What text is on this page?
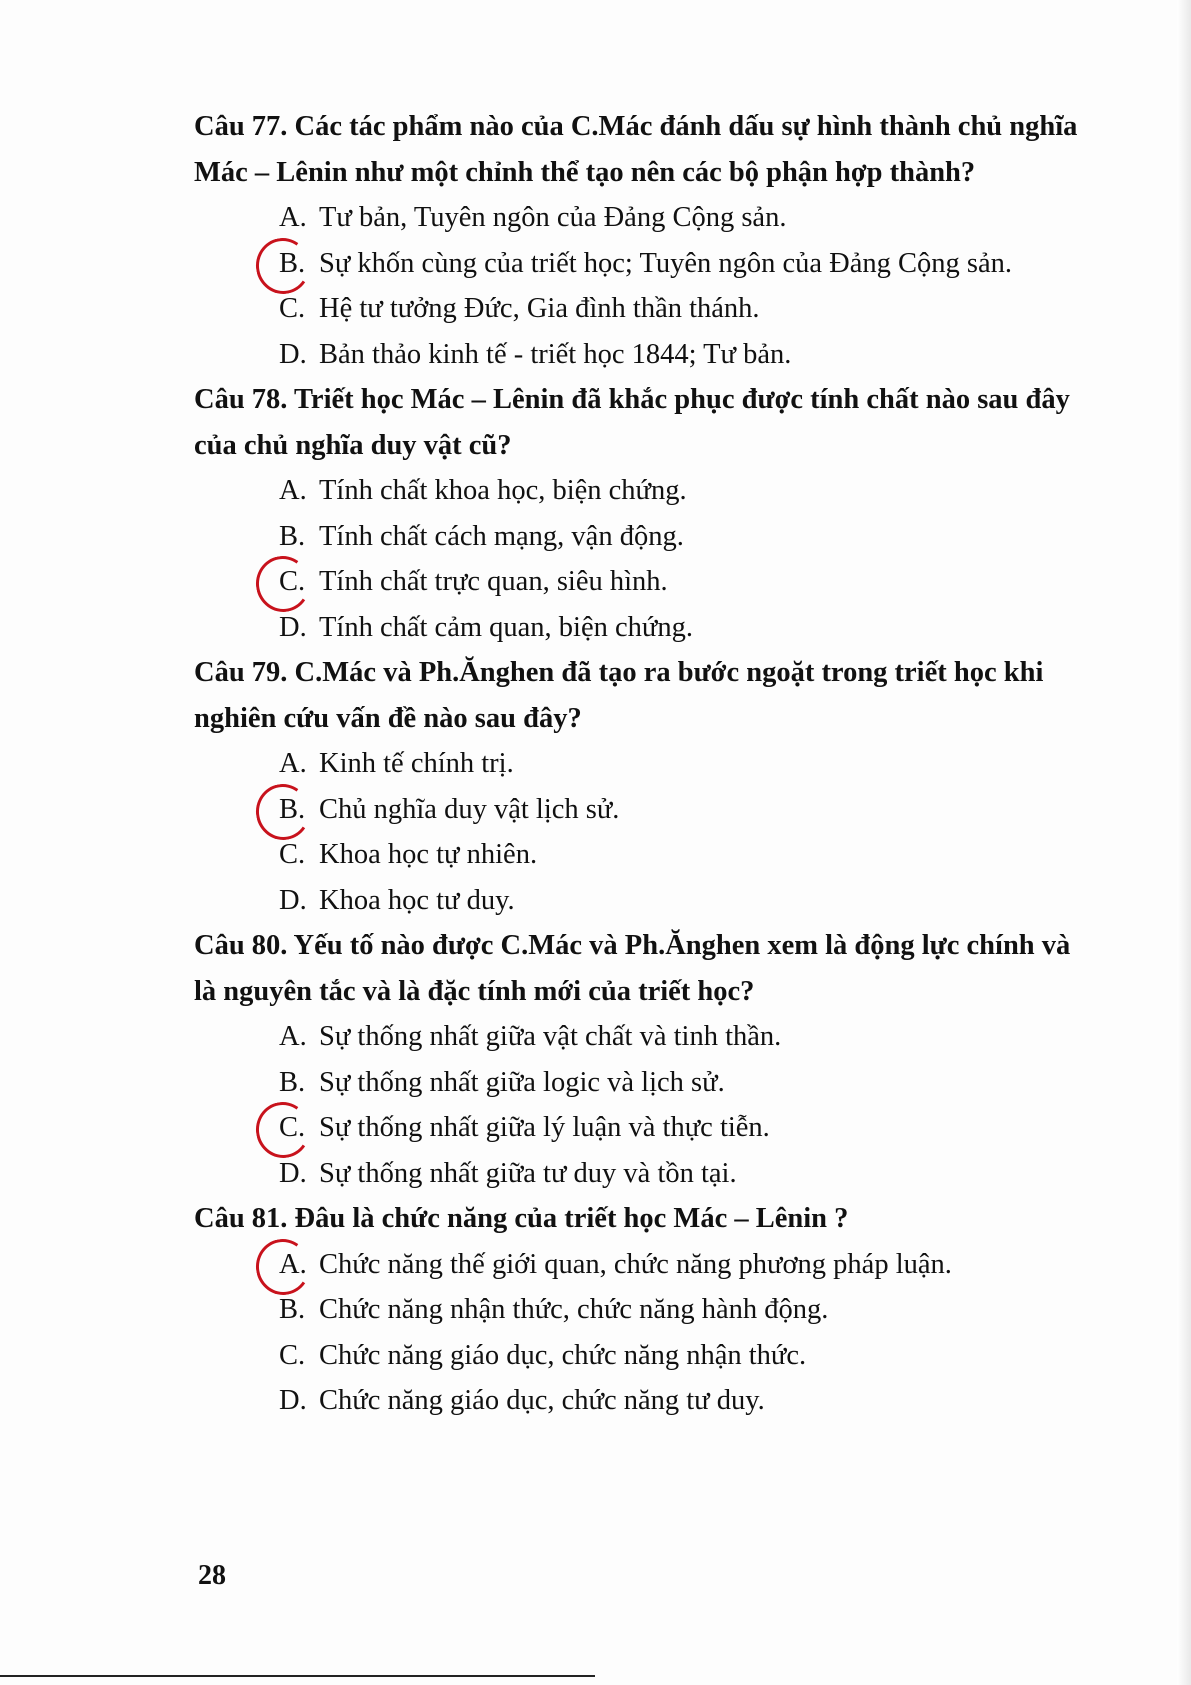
Câu 77. Các tác phẩm nào của C.Mác đánh dấu sự hình thành chủ nghĩa
Mác – Lênin như một chỉnh thể tạo nên các bộ phận hợp thành?

A. Tư bản, Tuyên ngôn của Đảng Cộng sản.
B. Sự khốn cùng của triết học; Tuyên ngôn của Đảng Cộng sản.
C. Hệ tư tưởng Đức, Gia đình thần thánh.
D. Bản thảo kinh tế - triết học 1844; Tư bản.

Câu 78. Triết học Mác – Lênin đã khắc phục được tính chất nào sau đây
của chủ nghĩa duy vật cũ?

A. Tính chất khoa học, biện chứng.
B. Tính chất cách mạng, vận động.
C. Tính chất trực quan, siêu hình.
D. Tính chất cảm quan, biện chứng.

Câu 79. C.Mác và Ph.Ănghen đã tạo ra bước ngoặt trong triết học khi
nghiên cứu vấn đề nào sau đây?

A. Kinh tế chính trị.
B. Chủ nghĩa duy vật lịch sử.
C. Khoa học tự nhiên.
D. Khoa học tư duy.

Câu 80. Yếu tố nào được C.Mác và Ph.Ănghen xem là động lực chính và
là nguyên tắc và là đặc tính mới của triết học?

A. Sự thống nhất giữa vật chất và tinh thần.
B. Sự thống nhất giữa logic và lịch sử.
C. Sự thống nhất giữa lý luận và thực tiễn.
D. Sự thống nhất giữa tư duy và tồn tại.

Câu 81. Đâu là chức năng của triết học Mác – Lênin ?

A. Chức năng thế giới quan, chức năng phương pháp luận.
B. Chức năng nhận thức, chức năng hành động.
C. Chức năng giáo dục, chức năng nhận thức.
D. Chức năng giáo dục, chức năng tư duy.
28
